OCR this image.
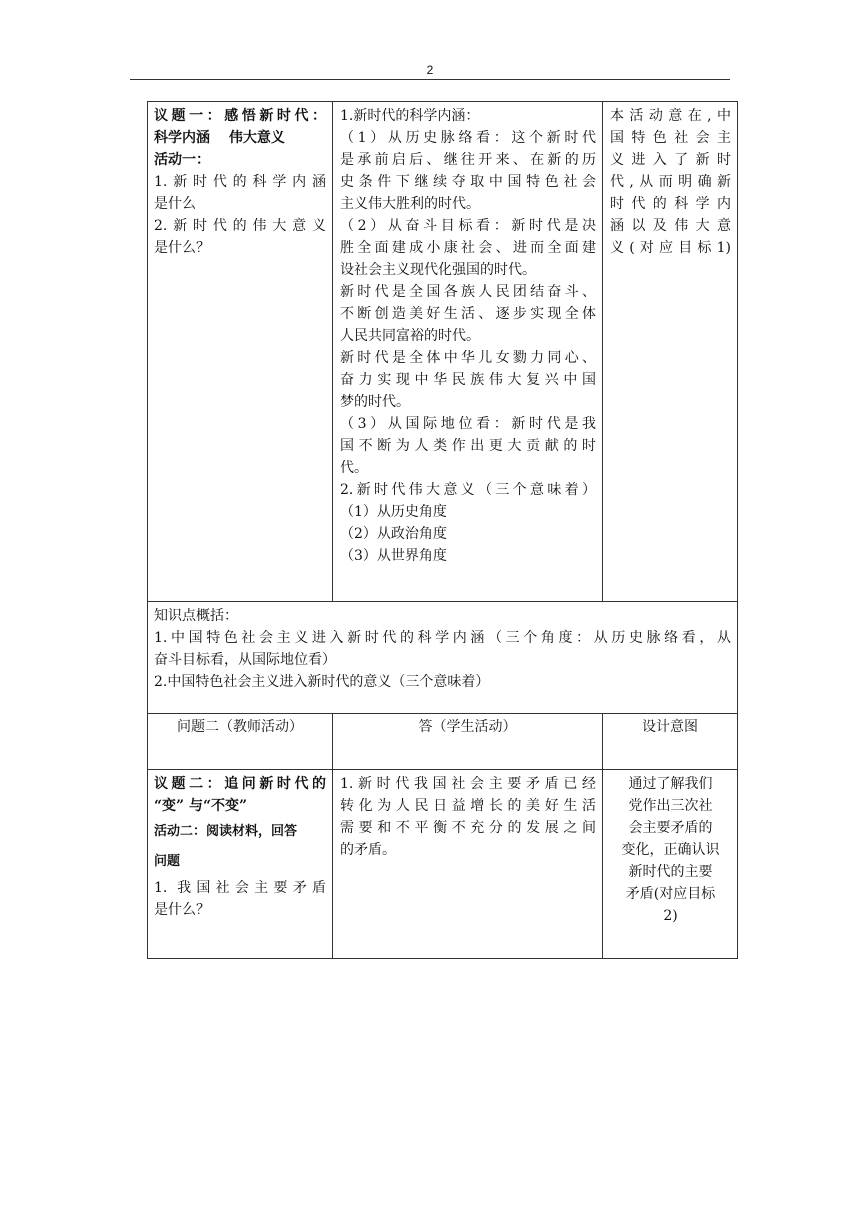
2
议题一：感悟新时代：
科学内涵　 伟大意义
活动一：
1.新时代的科学内涵
是什么
2.新时代的伟大意义
是什么？
1.新时代的科学内涵：
（1）从历史脉络看：这个新时代
是承前启后、继往开来、在新的历
史条件下继续夺取中国特色社会
主义伟大胜利的时代。
（2）从奋斗目标看：新时代是决
胜全面建成小康社会、进而全面建
设社会主义现代化强国的时代。
新时代是全国各族人民团结奋斗、
不断创造美好生活、逐步实现全体
人民共同富裕的时代。
新时代是全体中华儿女勠力同心、
奋力实现中华民族伟大复兴中国
梦的时代。
（3）从国际地位看：新时代是我
国不断为人类作出更大贡献的时
代。
2.新时代伟大意义（三个意味着）
（1）从历史角度
（2）从政治角度
（3）从世界角度
本活动意在,中
国特色社会主
义进入了新时
代,从而明确新
时代的科学内
涵以及伟大意
义(对应目标1)
知识点概括：
1.中国特色社会主义进入新时代的科学内涵（三个角度：从历史脉络看，从
奋斗目标看，从国际地位看）
2.中国特色社会主义进入新时代的意义（三个意味着）
问题二（教师活动）	答（学生活动）	设计意图
议题二：追问新时代的
“变” 与“不变”
活动二：阅读材料，回答
问题
1. 我国社会主要矛盾
是什么？
1.新时代我国社会主要矛盾已经
转化为人民日益增长的美好生活
需要和不平衡不充分的发展之间
的矛盾。
通过了解我们
党作出三次社
会主要矛盾的
变化，正确认识
新时代的主要
矛盾(对应目标
2)
